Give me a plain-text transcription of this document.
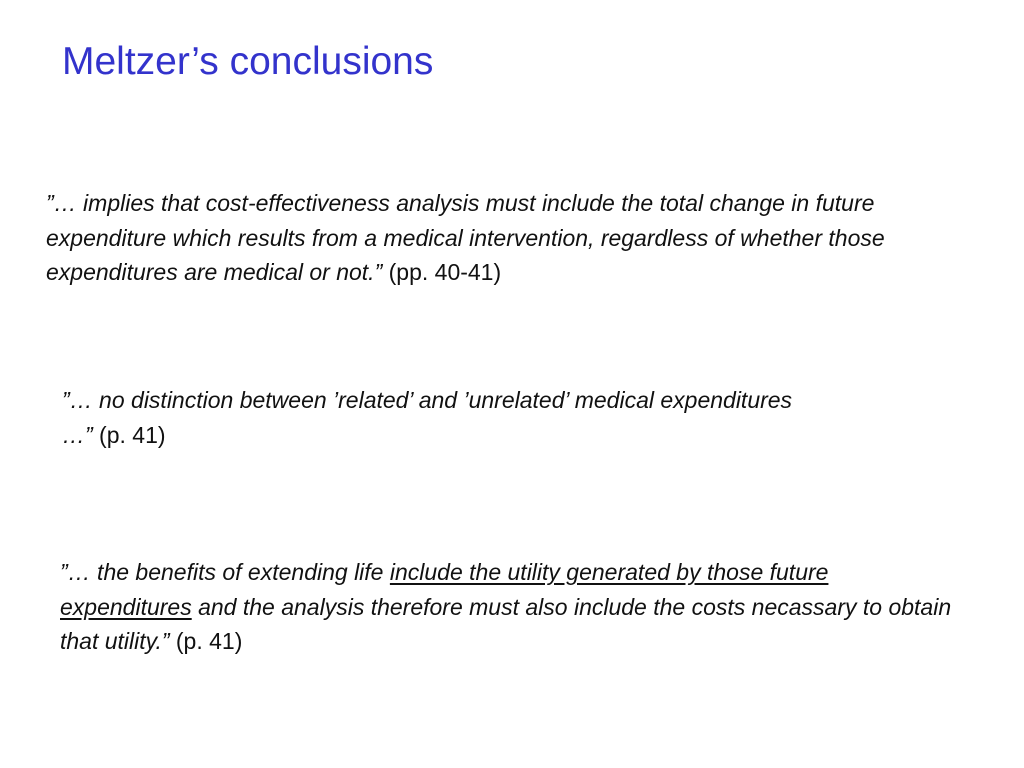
Meltzer’s conclusions
”… implies that cost-effectiveness analysis must include the total change in future expenditure which results from a medical intervention, regardless of whether those expenditures are medical or not.” (pp. 40-41)
”… no distinction between ’related’ and ’unrelated’ medical expenditures …” (p. 41)
”… the benefits of extending life include the utility generated by those future expenditures and the analysis therefore must also include the costs necassary to obtain that utility.” (p. 41)
